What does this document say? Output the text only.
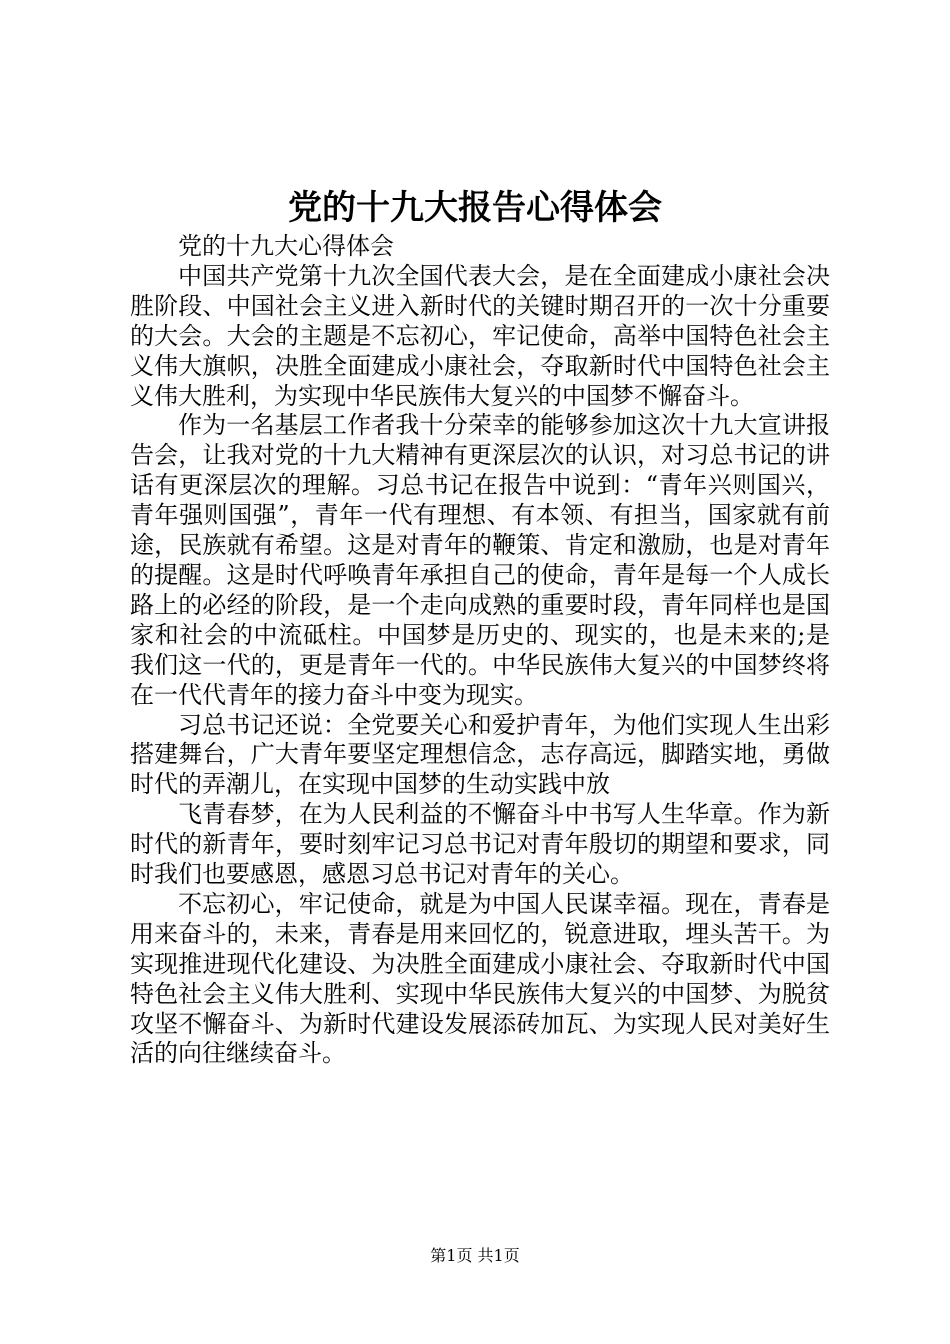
党的十九大报告心得体会

党的十九大心得体会

中国共产党第十九次全国代表大会，是在全面建成小康社会决胜阶段、中国社会主义进入新时代的关键时期召开的一次十分重要的大会。大会的主题是不忘初心，牢记使命，高举中国特色社会主义伟大旗帜，决胜全面建成小康社会，夺取新时代中国特色社会主义伟大胜利，为实现中华民族伟大复兴的中国梦不懈奋斗。

作为一名基层工作者我十分荣幸的能够参加这次十九大宣讲报告会，让我对党的十九大精神有更深层次的认识，对习总书记的讲话有更深层次的理解。习总书记在报告中说到：“青年兴则国兴，青年强则国强”，青年一代有理想、有本领、有担当，国家就有前途，民族就有希望。这是对青年的鞭策、肯定和激励，也是对青年的提醒。这是时代呼唤青年承担自己的使命，青年是每一个人成长路上的必经的阶段，是一个走向成熟的重要时段，青年同样也是国家和社会的中流砥柱。中国梦是历史的、现实的，也是未来的;是我们这一代的，更是青年一代的。中华民族伟大复兴的中国梦终将在一代代青年的接力奋斗中变为现实。

习总书记还说：全党要关心和爱护青年，为他们实现人生出彩搭建舞台，广大青年要坚定理想信念，志存高远，脚踏实地，勇做时代的弄潮儿，在实现中国梦的生动实践中放

飞青春梦，在为人民利益的不懈奋斗中书写人生华章。作为新时代的新青年，要时刻牢记习总书记对青年殷切的期望和要求，同时我们也要感恩，感恩习总书记对青年的关心。

不忘初心，牢记使命，就是为中国人民谋幸福。现在，青春是用来奋斗的，未来，青春是用来回忆的，锐意进取，埋头苦干。为实现推进现代化建设、为决胜全面建成小康社会、夺取新时代中国特色社会主义伟大胜利、实现中华民族伟大复兴的中国梦、为脱贫攻坚不懈奋斗、为新时代建设发展添砖加瓦、为实现人民对美好生活的向往继续奋斗。

第1页 共1页
